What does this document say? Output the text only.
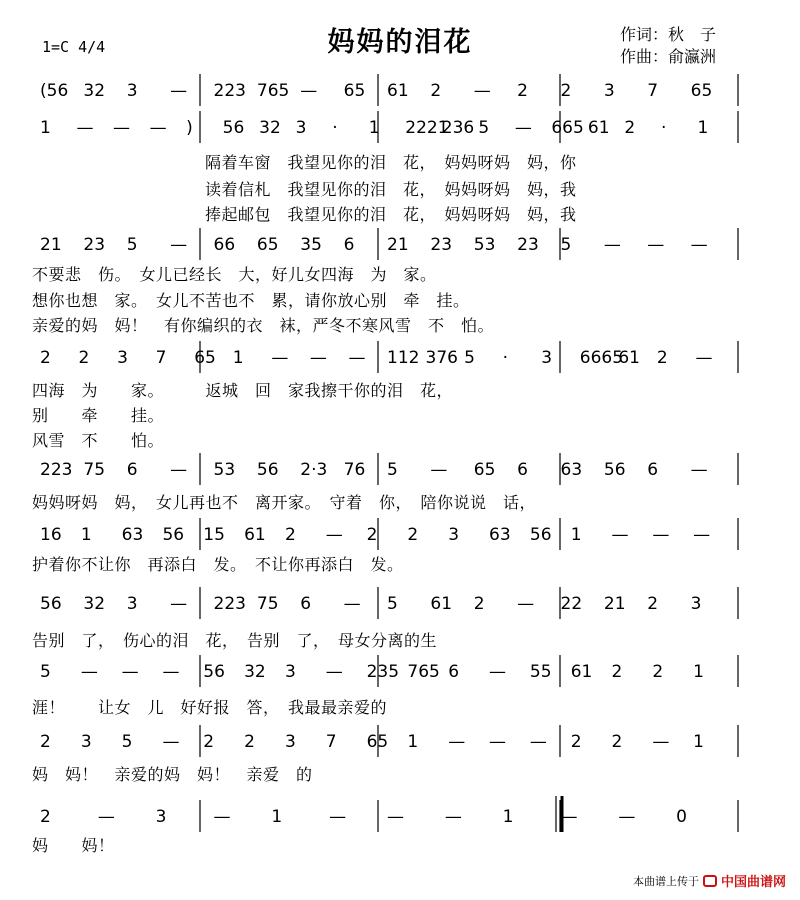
妈妈的泪花
1=C 4/4
作词：秋　子
作曲：俞瀛洲
(56 32 3 — 223 765 — 65 61 2 — 2 2 3 7 65
1 — — — ) 56 32 3 · 1 2221
236 5 — 665 61 2 · 1
21 23 5 — 66 65 35 6 21 23 53 23 5 — — —
2 2 3 7 65 1 — — — 112 376 5 · 3 6665
61 2 —
223 75 6 — 53 56 2·3 76 5 — 65 6 63 56 6 —
16 1 63 56 15 61 2 — 2 2 3 63 56 1 — — —
56 32 3 — 223 75 6 — 5 61 2 — 22 21 2 3
5 — — — 56 32 3 — 235 765 6 — 55 61 2 2 1
2 3 5 — 2 2 3 7 65 1 — — — 2 2 — 1
2	— 3	— 1	— — — 1	— — 0
隔着车窗　我望见你的泪　花，　妈妈呀妈　妈，你
读着信札　我望见你的泪　花，　妈妈呀妈　妈，我
捧起邮包　我望见你的泪　花，　妈妈呀妈　妈，我
不要悲　伤。　女儿已经长　大，好儿女四海　为　家。
想你也想　家。　女儿不苦也不　累，请你放心别　牵　挂。
亲爱的妈　妈！　有你编织的衣　袜，严冬不寒风雪　不　怕。
四海　为　　家。　　　返城　回　家我擦干你的泪　花，
别　　牵　　挂。
风雪　不　　怕。
妈妈呀妈　妈，　女儿再也不　离开家。　守着　你，　陪你说说　话，
护着你不让你　再添白　发。　不让你再添白　发。
告别　了，　伤心的泪　花，　告别　了，　母女分离的生
涯！　　让女　儿　好好报　答，　我最最亲爱的
妈　妈！　亲爱的妈　妈！　亲爱　的
妈　　妈！
本曲谱上传于 中国曲谱网
